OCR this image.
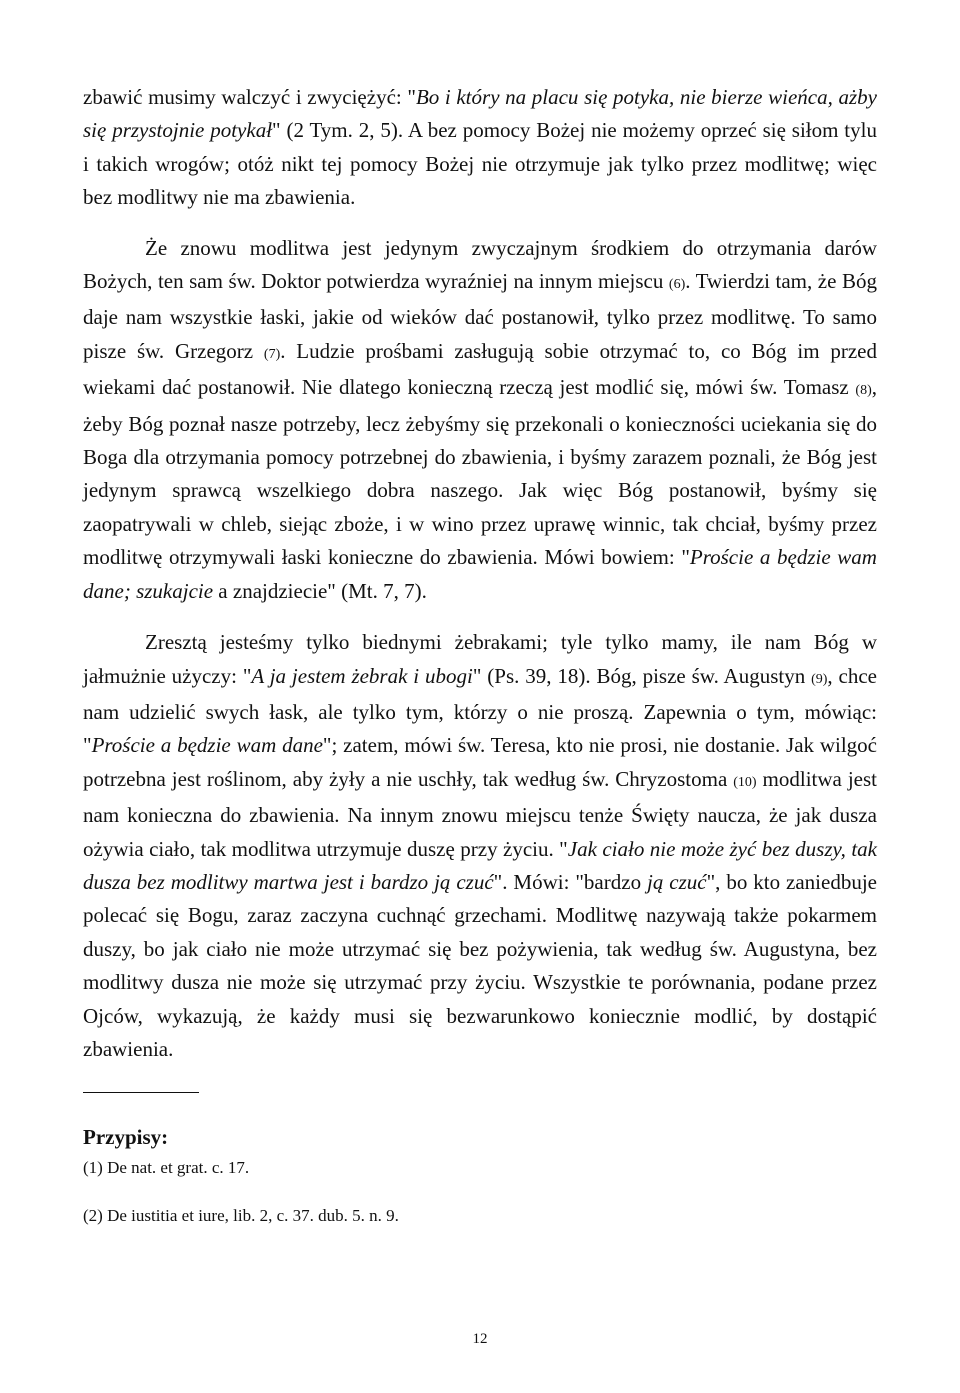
zbawić musimy walczyć i zwyciężyć: "Bo i który na placu się potyka, nie bierze wieńca, ażby się przystojnie potykał" (2 Tym. 2, 5). A bez pomocy Bożej nie możemy oprzeć się siłom tylu i takich wrogów; otóż nikt tej pomocy Bożej nie otrzymuje jak tylko przez modlitwę; więc bez modlitwy nie ma zbawienia.

Że znowu modlitwa jest jedynym zwyczajnym środkiem do otrzymania darów Bożych, ten sam św. Doktor potwierdza wyraźniej na innym miejscu (6). Twierdzi tam, że Bóg daje nam wszystkie łaski, jakie od wieków dać postanowił, tylko przez modlitwę. To samo pisze św. Grzegorz (7). Ludzie prośbami zasługują sobie otrzymać to, co Bóg im przed wiekami dać postanowił. Nie dlatego konieczną rzeczą jest modlić się, mówi św. Tomasz (8), żeby Bóg poznał nasze potrzeby, lecz żebyśmy się przekonali o konieczności uciekania się do Boga dla otrzymania pomocy potrzebnej do zbawienia, i byśmy zarazem poznali, że Bóg jest jedynym sprawcą wszelkiego dobra naszego. Jak więc Bóg postanowił, byśmy się zaopatrywali w chleb, siejąc zboże, i w wino przez uprawę winnic, tak chciał, byśmy przez modlitwę otrzymywali łaski konieczne do zbawienia. Mówi bowiem: "Proście a będzie wam dane; szukajcie a znajdziecie" (Mt. 7, 7).

Zresztą jesteśmy tylko biednymi żebrakami; tyle tylko mamy, ile nam Bóg w jałmużnie użyczy: "A ja jestem żebrak i ubogi" (Ps. 39, 18). Bóg, pisze św. Augustyn (9), chce nam udzielić swych łask, ale tylko tym, którzy o nie proszą. Zapewnia o tym, mówiąc: "Proście a będzie wam dane"; zatem, mówi św. Teresa, kto nie prosi, nie dostanie. Jak wilgoć potrzebna jest roślinom, aby żyły a nie uschły, tak według św. Chryzostoma (10) modlitwa jest nam konieczna do zbawienia. Na innym znowu miejscu tenże Święty naucza, że jak dusza ożywia ciało, tak modlitwa utrzymuje duszę przy życiu. "Jak ciało nie może żyć bez duszy, tak dusza bez modlitwy martwa jest i bardzo ją czuć". Mówi: "bardzo ją czuć", bo kto zaniedbuje polecać się Bogu, zaraz zaczyna cuchnąć grzechami. Modlitwę nazywają także pokarmem duszy, bo jak ciało nie może utrzymać się bez pożywienia, tak według św. Augustyna, bez modlitwy dusza nie może się utrzymać przy życiu. Wszystkie te porównania, podane przez Ojców, wykazują, że każdy musi się bezwarunkowo koniecznie modlić, by dostąpić zbawienia.

Przypisy:

(1) De nat. et grat. c. 17.

(2) De iustitia et iure, lib. 2, c. 37. dub. 5. n. 9.

12
